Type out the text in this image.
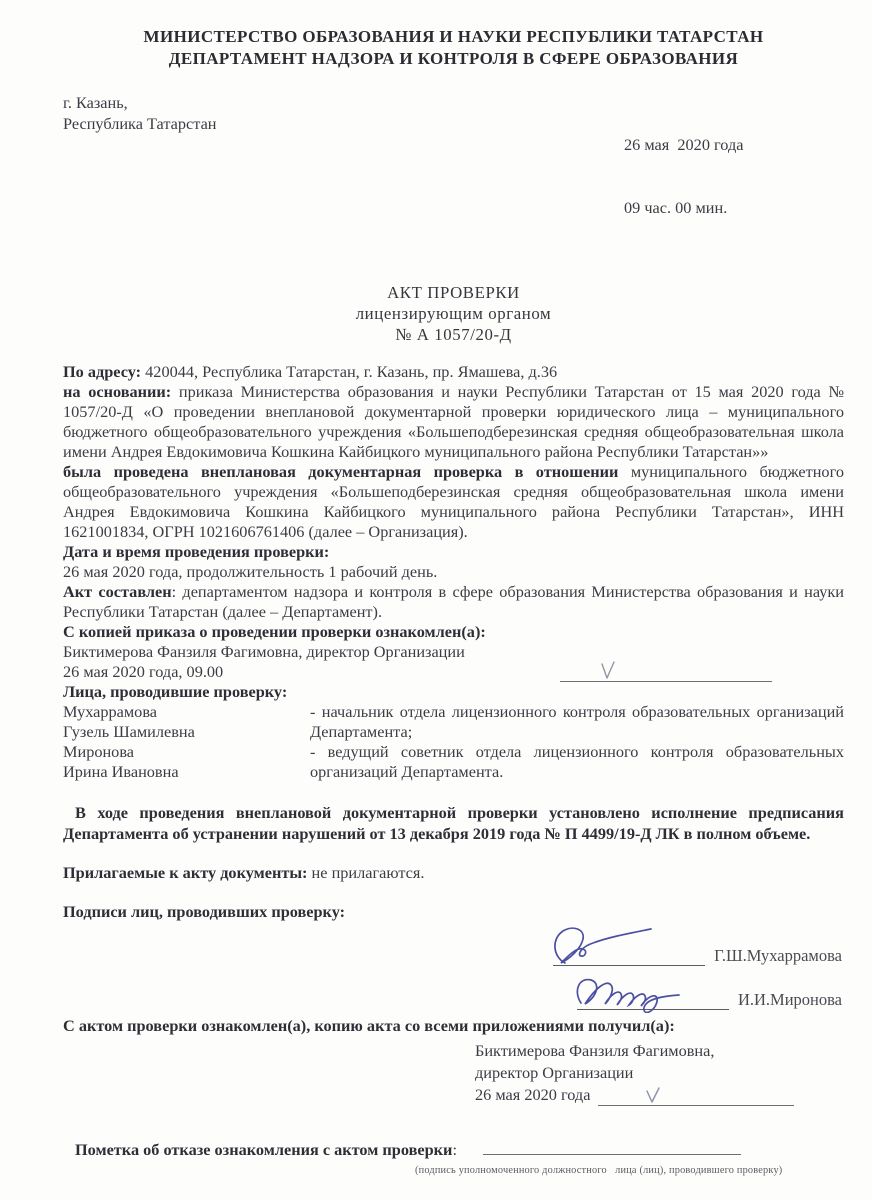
МИНИСТЕРСТВО ОБРАЗОВАНИЯ И НАУКИ РЕСПУБЛИКИ ТАТАРСТАН
ДЕПАРТАМЕНТ НАДЗОРА И КОНТРОЛЯ В СФЕРЕ ОБРАЗОВАНИЯ
г. Казань,
Республика Татарстан

26 мая  2020 года

09 час. 00 мин.

АКТ ПРОВЕРКИ
лицензирующим органом
№ А 1057/20-Д

По адресу: 420044, Республика Татарстан, г. Казань, пр. Ямашева, д.36

на основании: приказа Министерства образования и науки Республики Татарстан от 15 мая 2020 года № 1057/20-Д «О проведении внеплановой документарной проверки юридического лица – муниципального бюджетного общеобразовательного учреждения «Большеподберезинская средняя общеобразовательная школа имени Андрея Евдокимовича Кошкина Кайбицкого муниципального района Республики Татарстан»»

была проведена внеплановая документарная проверка в отношении муниципального бюджетного общеобразовательного учреждения «Большеподберезинская средняя общеобразовательная школа имени Андрея Евдокимовича Кошкина Кайбицкого муниципального района Республики Татарстан», ИНН 1621001834, ОГРН 1021606761406 (далее – Организация).

Дата и время проведения проверки:

26 мая 2020 года, продолжительность 1 рабочий день.

Акт составлен: департаментом надзора и контроля в сфере образования Министерства образования и науки Республики Татарстан (далее – Департамент).

С копией приказа о проведении проверки ознакомлен(а):

Биктимерова Фанзиля Фагимовна, директор Организации

26 мая 2020 года, 09.00

Лица, проводившие проверку:

Мухаррамова
Гузель Шамилевна
- начальник отдела лицензионного контроля образовательных организаций Департамента;
Миронова
Ирина Ивановна
- ведущий советник отдела лицензионного контроля образовательных организаций Департамента.

В ходе проведения внеплановой документарной проверки установлено исполнение предписания Департамента об устранении нарушений от 13 декабря 2019 года № П 4499/19-Д ЛК в полном объеме.

Прилагаемые к акту документы: не прилагаются.

Подписи лиц, проводивших проверку:

Г.Ш.Мухаррамова
И.И.Миронова

С актом проверки ознакомлен(а), копию акта со всеми приложениями получил(а):

Биктимерова Фанзиля Фагимовна,
директор Организации
26 мая 2020 года
Пометка об отказе ознакомления с актом проверки:
(подпись уполномоченного должностного   лица (лиц), проводившего проверку)
